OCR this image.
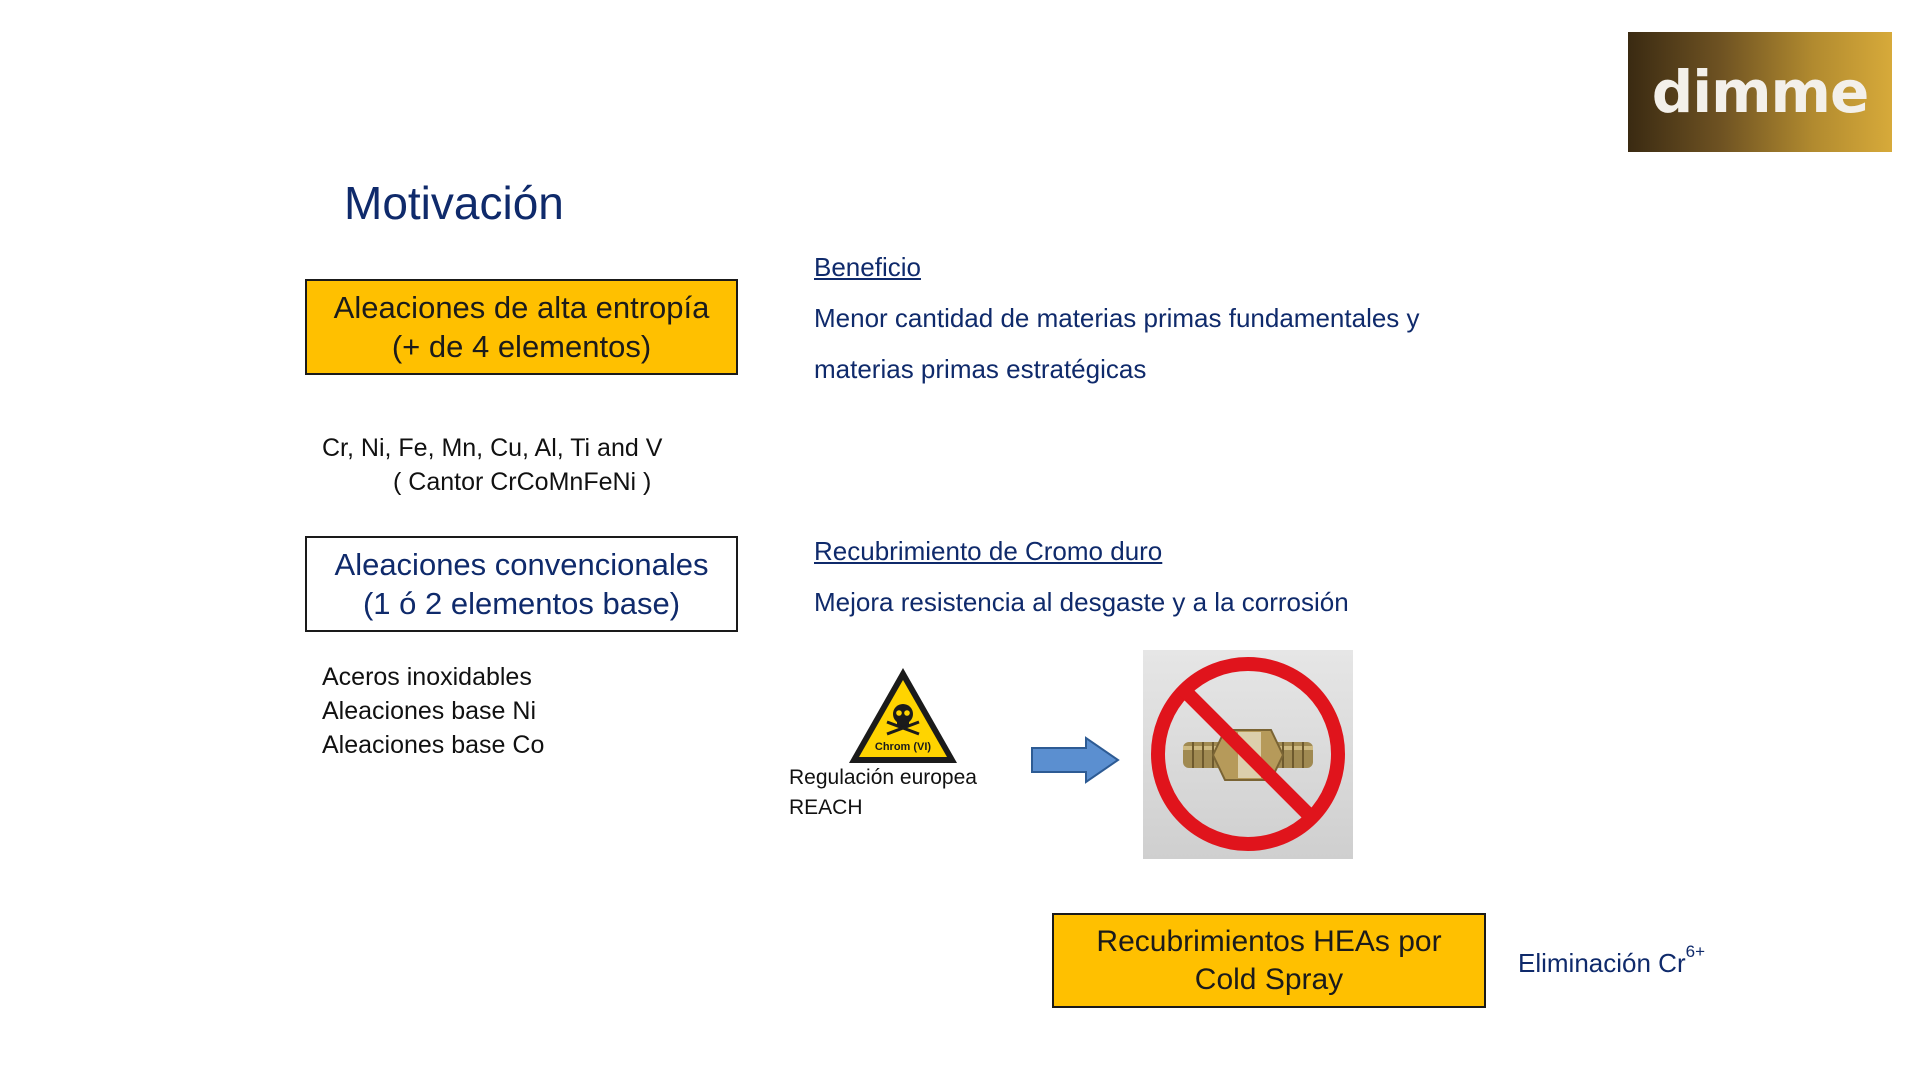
dimme
Motivación
Aleaciones de alta entropía
(+ de 4 elementos)
Cr, Ni, Fe, Mn, Cu, Al, Ti and V
( Cantor CrCoMnFeNi )
Aleaciones convencionales
(1 ó 2 elementos base)
Aceros inoxidables
Aleaciones base Ni
Aleaciones base Co
Beneficio
Menor cantidad de materias primas fundamentales y
materias primas estratégicas
Recubrimiento de Cromo duro
Mejora resistencia al desgaste y a la corrosión
Chrom (VI)
Regulación europea
REACH
Recubrimientos HEAs por
Cold Spray	Eliminación $Cr^{6+}$
